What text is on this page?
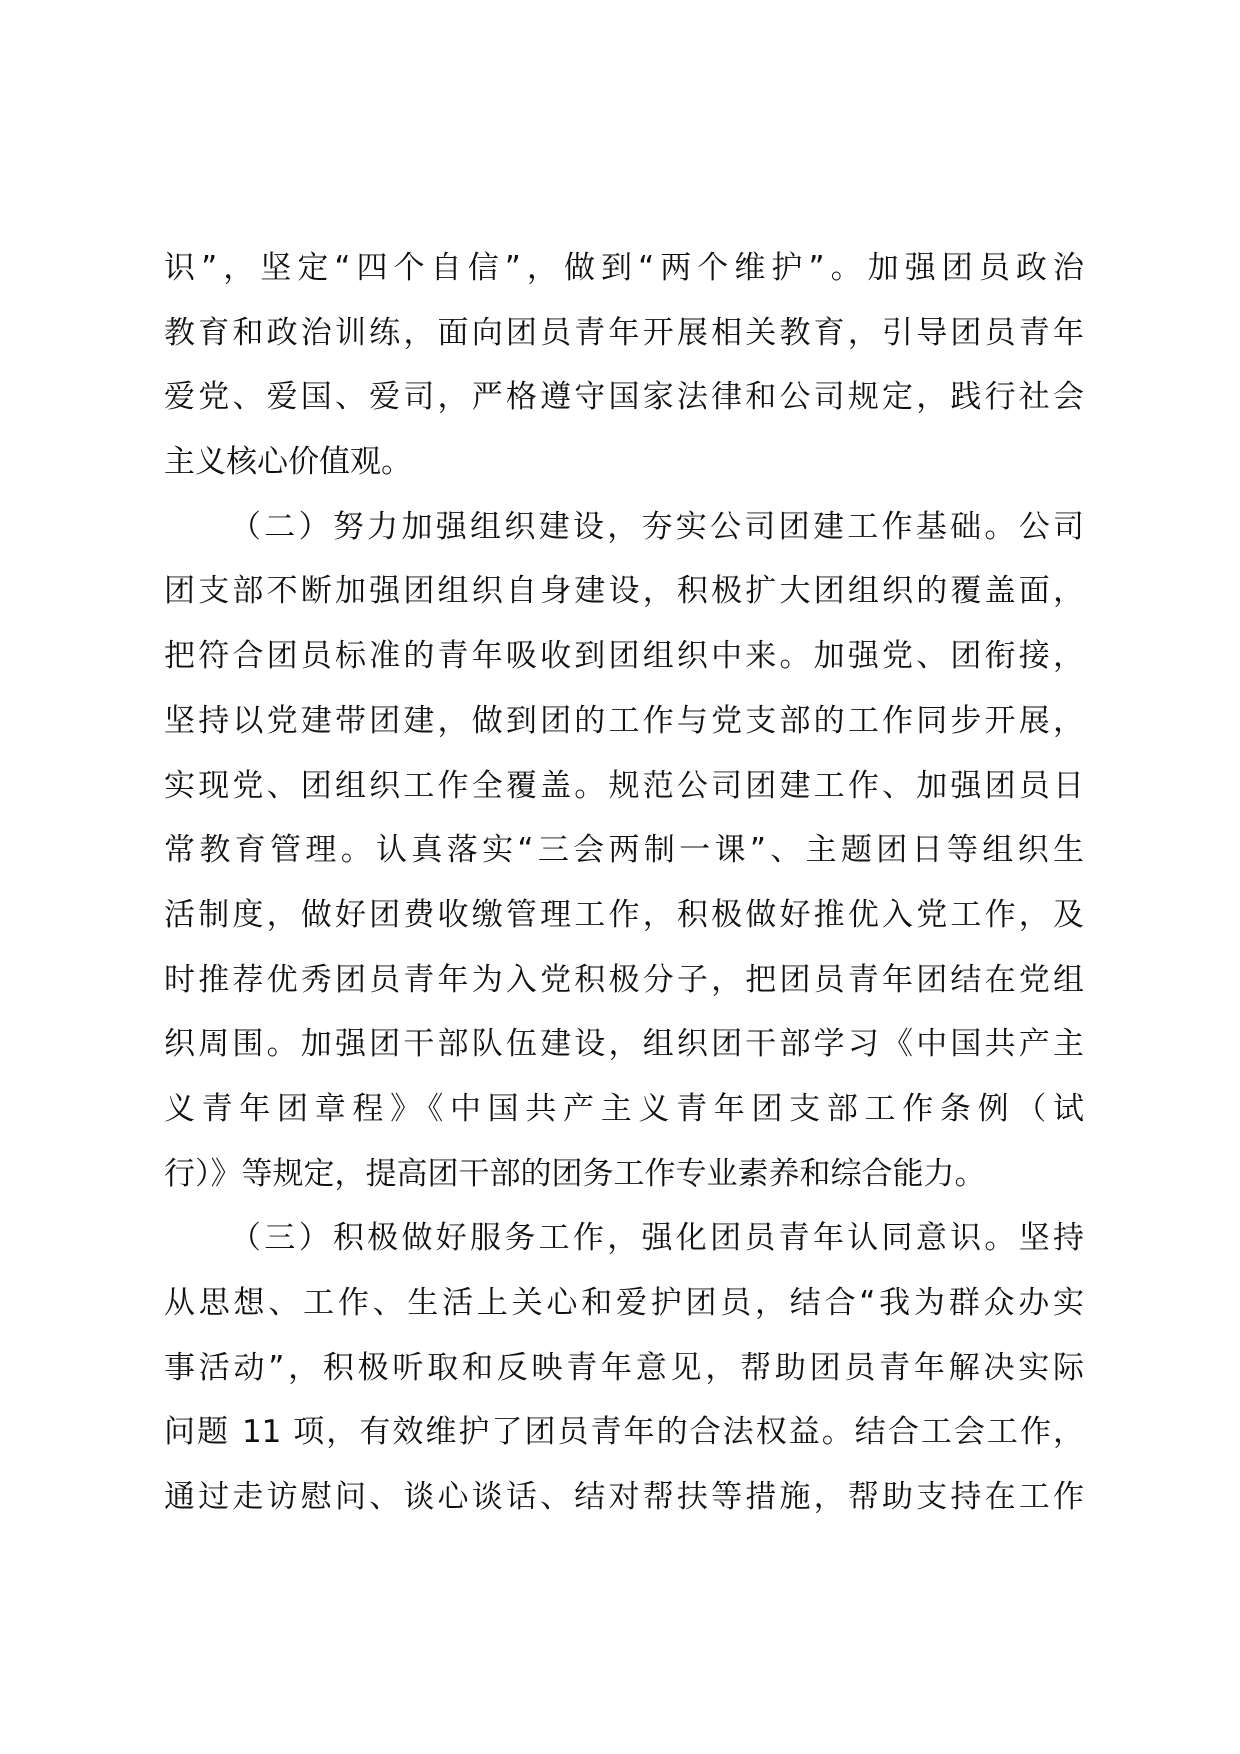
识”，坚定“四个自信”，做到“两个维护”。加强团员政治
教育和政治训练，面向团员青年开展相关教育，引导团员青年
爱党、爱国、爱司，严格遵守国家法律和公司规定，践行社会
主义核心价值观。
（二）努力加强组织建设，夯实公司团建工作基础。公司
团支部不断加强团组织自身建设，积极扩大团组织的覆盖面，
把符合团员标准的青年吸收到团组织中来。加强党、团衔接，
坚持以党建带团建，做到团的工作与党支部的工作同步开展，
实现党、团组织工作全覆盖。规范公司团建工作、加强团员日
常教育管理。认真落实“三会两制一课”、主题团日等组织生
活制度，做好团费收缴管理工作，积极做好推优入党工作，及
时推荐优秀团员青年为入党积极分子，把团员青年团结在党组
织周围。加强团干部队伍建设，组织团干部学习《中国共产主
义青年团章程》《中国共产主义青年团支部工作条例（试
行）》等规定，提高团干部的团务工作专业素养和综合能力。
（三）积极做好服务工作，强化团员青年认同意识。坚持
从思想、工作、生活上关心和爱护团员，结合“我为群众办实
事活动”，积极听取和反映青年意见，帮助团员青年解决实际
问题 11 项，有效维护了团员青年的合法权益。结合工会工作，
通过走访慰问、谈心谈话、结对帮扶等措施，帮助支持在工作
